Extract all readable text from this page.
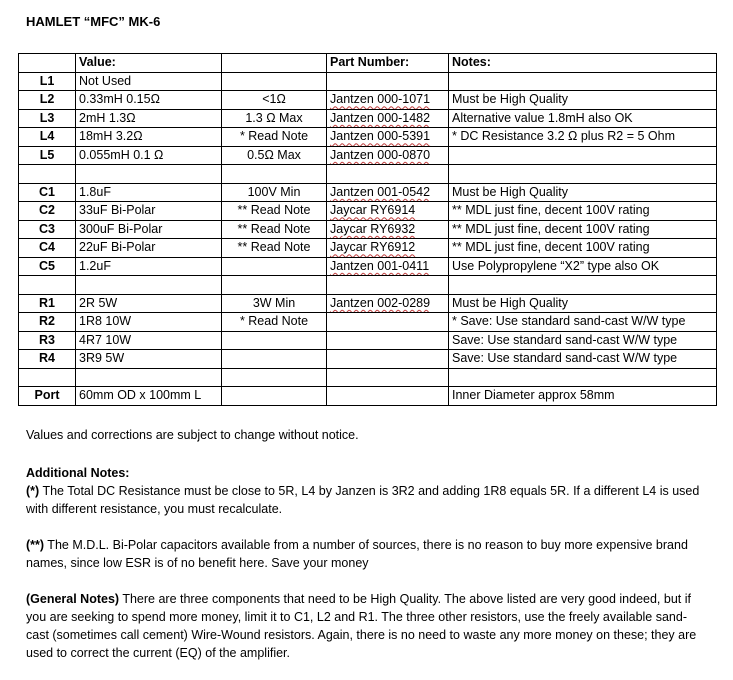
HAMLET “MFC” MK-6
	Value:		Part Number:	Notes:
L1	Not Used			
L2	0.33mH 0.15Ω	<1Ω	Jantzen 000-1071	Must be High Quality
L3	2mH 1.3Ω	1.3 Ω Max	Jantzen 000-1482	Alternative value 1.8mH also OK
L4	18mH 3.2Ω	* Read Note	Jantzen 000-5391	* DC Resistance 3.2 Ω plus R2 = 5 Ohm
L5	0.055mH 0.1 Ω	0.5Ω Max	Jantzen 000-0870	

C1	1.8uF	100V Min	Jantzen 001-0542	Must be High Quality
C2	33uF Bi-Polar	** Read Note	Jaycar RY6914	** MDL just fine, decent 100V rating
C3	300uF Bi-Polar	** Read Note	Jaycar RY6932	** MDL just fine, decent 100V rating
C4	22uF Bi-Polar	** Read Note	Jaycar RY6912	** MDL just fine, decent 100V rating
C5	1.2uF		Jantzen 001-0411	Use Polypropylene “X2” type also OK

R1	2R 5W	3W Min	Jantzen 002-0289	Must be High Quality
R2	1R8 10W	* Read Note		* Save: Use standard sand-cast W/W type
R3	4R7 10W			Save: Use standard sand-cast W/W type
R4	3R9 5W			Save: Use standard sand-cast W/W type

Port	60mm OD x 100mm L			Inner Diameter approx 58mm
Values and corrections are subject to change without notice.
Additional Notes:

(*) The Total DC Resistance must be close to 5R, L4 by Janzen is 3R2 and adding 1R8 equals 5R. If a different L4 is used with different resistance, you must recalculate.

(**) The M.D.L. Bi-Polar capacitors available from a number of sources, there is no reason to buy more expensive brand names, since low ESR is of no benefit here. Save your money

(General Notes) There are three components that need to be High Quality. The above listed are very good indeed, but if you are seeking to spend more money, limit it to C1, L2 and R1. The three other resistors, use the freely available sand-cast (sometimes call cement) Wire-Wound resistors. Again, there is no need to waste any more money on these; they are used to correct the current (EQ) of the amplifier.
